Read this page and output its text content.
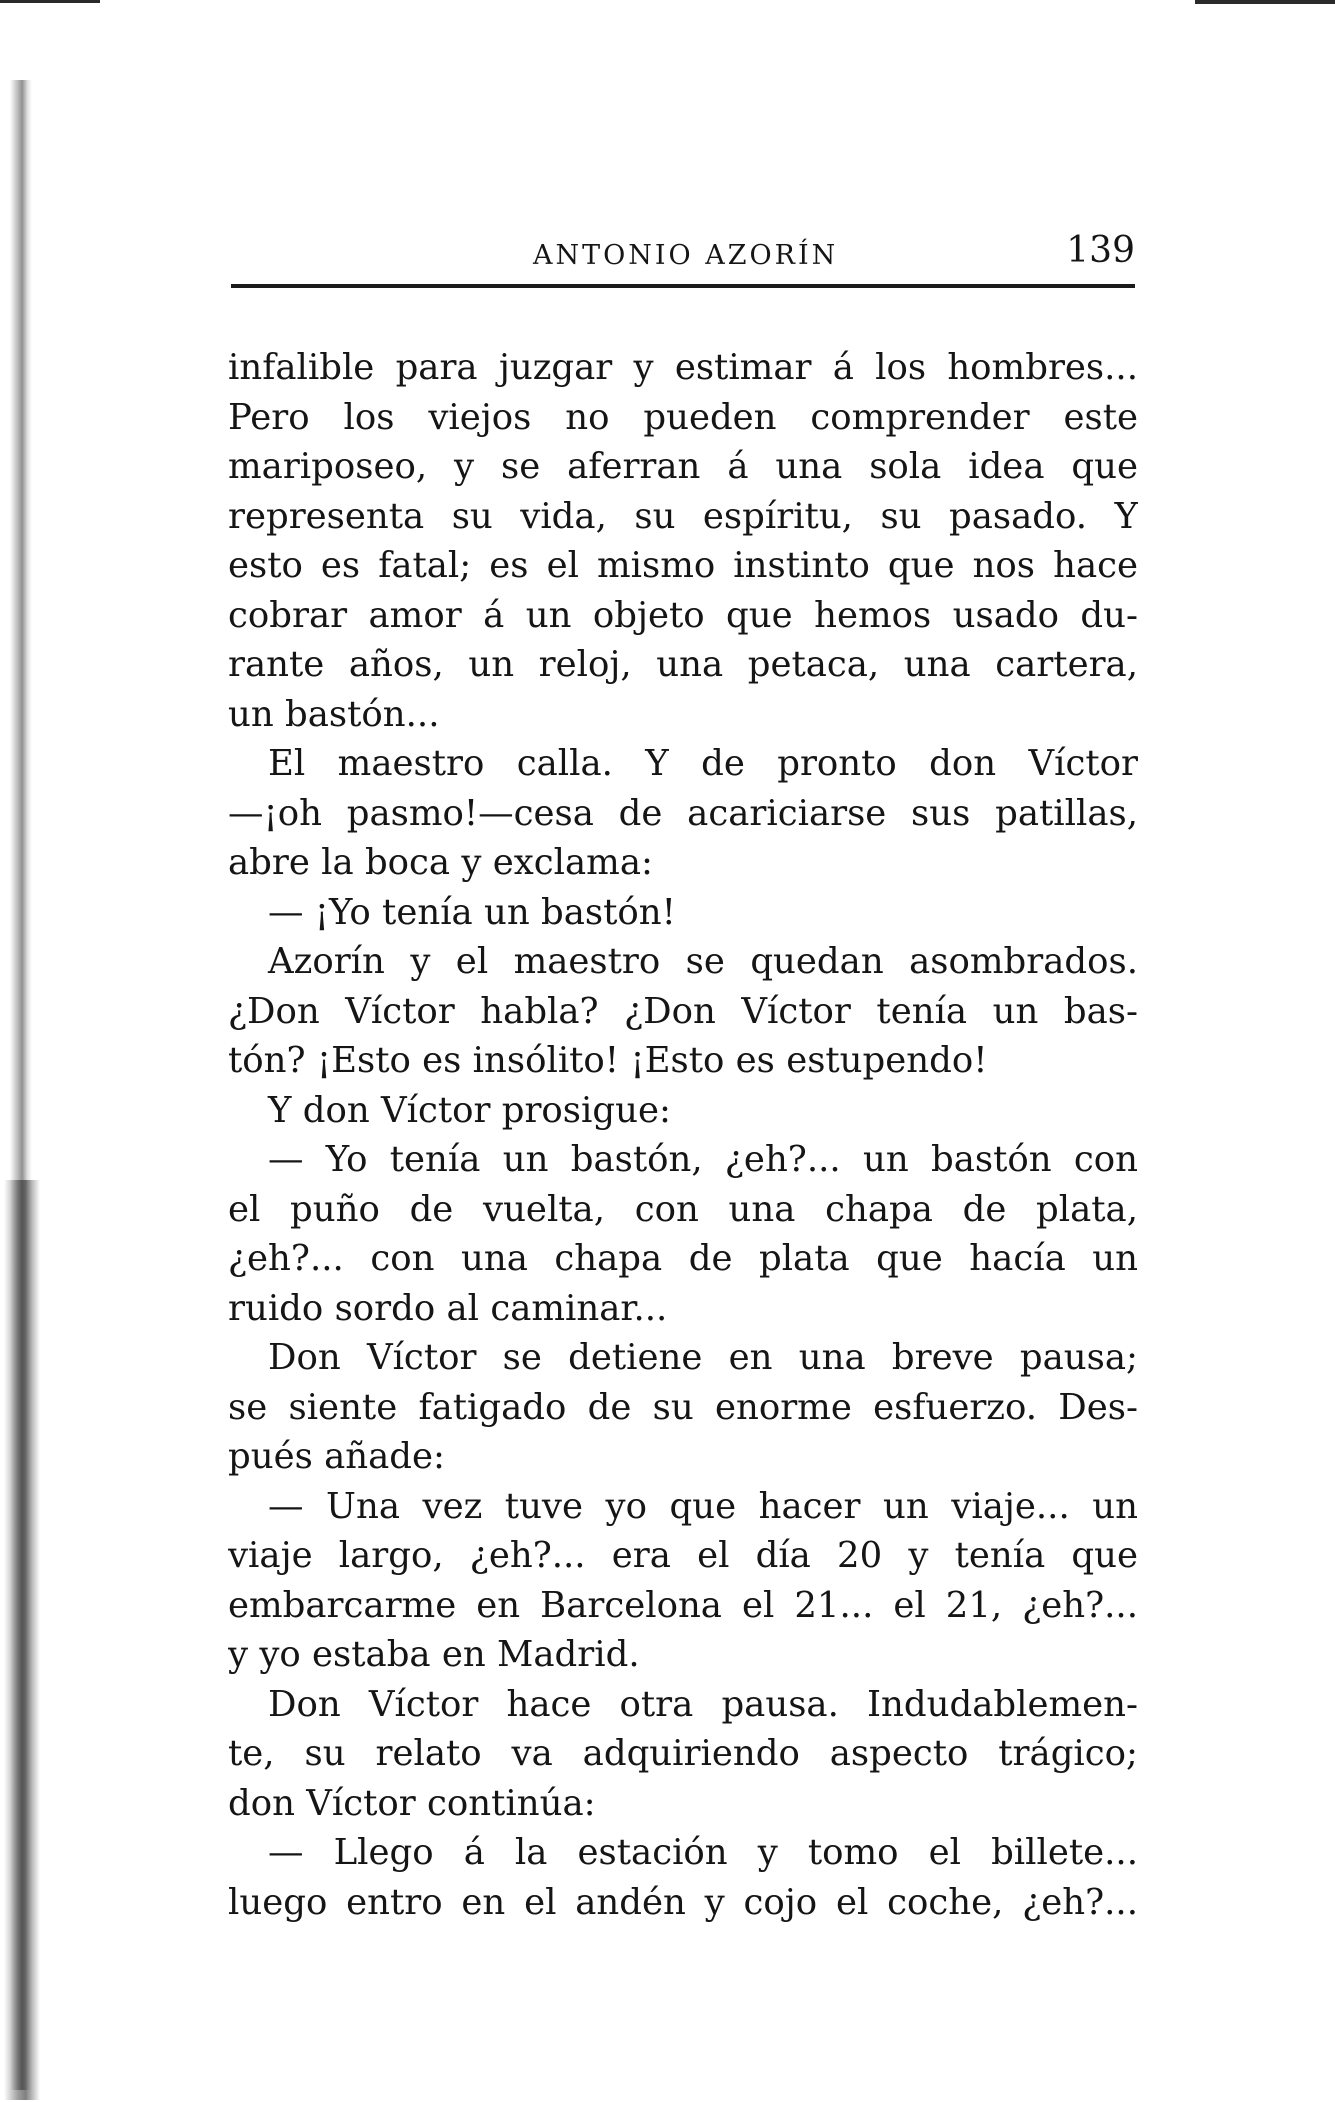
ANTONIO AZORÍN	139
infalible para juzgar y estimar á los hombres...
Pero los viejos no pueden comprender este
mariposeo, y se aferran á una sola idea que
representa su vida, su espíritu, su pasado. Y
esto es fatal; es el mismo instinto que nos hace
cobrar amor á un objeto que hemos usado du-
rante años, un reloj, una petaca, una cartera,
un bastón...
El maestro calla. Y de pronto don Víctor
—¡oh pasmo!—cesa de acariciarse sus patillas,
abre la boca y exclama:
— ¡Yo tenía un bastón!
Azorín y el maestro se quedan asombrados.
¿Don Víctor habla? ¿Don Víctor tenía un bas-
tón? ¡Esto es insólito! ¡Esto es estupendo!
Y don Víctor prosigue:
— Yo tenía un bastón, ¿eh?... un bastón con
el puño de vuelta, con una chapa de plata,
¿eh?... con una chapa de plata que hacía un
ruido sordo al caminar...
Don Víctor se detiene en una breve pausa;
se siente fatigado de su enorme esfuerzo. Des-
pués añade:
— Una vez tuve yo que hacer un viaje... un
viaje largo, ¿eh?... era el día 20 y tenía que
embarcarme en Barcelona el 21... el 21, ¿eh?...
y yo estaba en Madrid.
Don Víctor hace otra pausa. Indudablemen-
te, su relato va adquiriendo aspecto trágico;
don Víctor continúa:
— Llego á la estación y tomo el billete...
luego entro en el andén y cojo el coche, ¿eh?...
